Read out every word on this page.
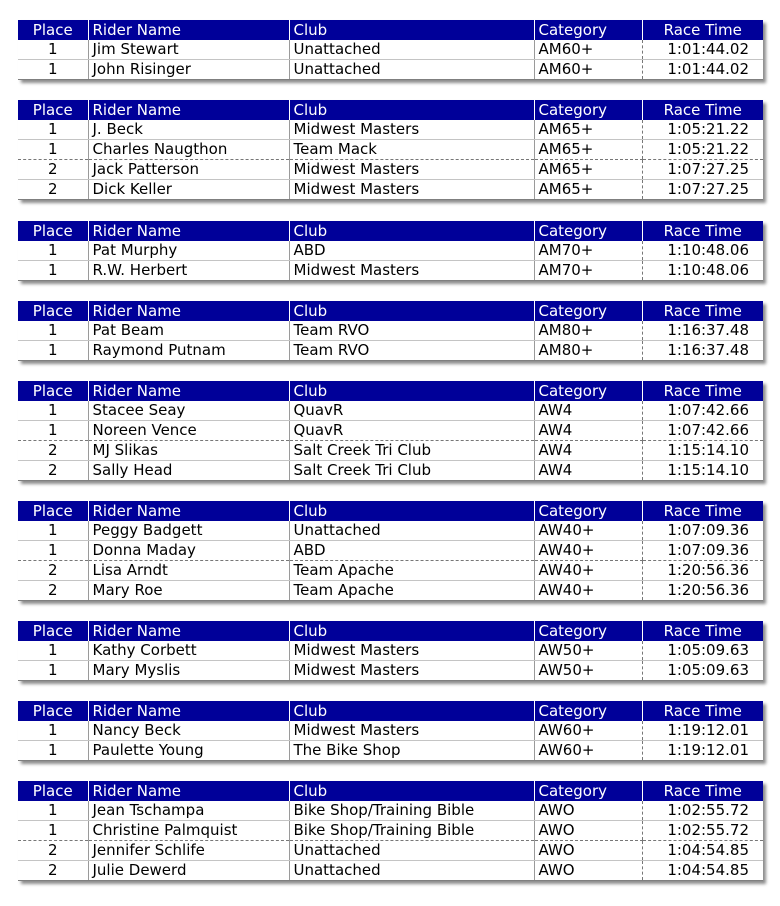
Place	Rider Name	Club	Category	Race Time
1	Jim Stewart	Unattached	AM60+	1:01:44.02
1	John Risinger	Unattached	AM60+	1:01:44.02
Place	Rider Name	Club	Category	Race Time
1	J. Beck	Midwest Masters	AM65+	1:05:21.22
1	Charles Naugthon	Team Mack	AM65+	1:05:21.22
2	Jack Patterson	Midwest Masters	AM65+	1:07:27.25
2	Dick Keller	Midwest Masters	AM65+	1:07:27.25
Place	Rider Name	Club	Category	Race Time
1	Pat Murphy	ABD	AM70+	1:10:48.06
1	R.W. Herbert	Midwest Masters	AM70+	1:10:48.06
Place	Rider Name	Club	Category	Race Time
1	Pat Beam	Team RVO	AM80+	1:16:37.48
1	Raymond Putnam	Team RVO	AM80+	1:16:37.48
Place	Rider Name	Club	Category	Race Time
1	Stacee Seay	QuavR	AW4	1:07:42.66
1	Noreen Vence	QuavR	AW4	1:07:42.66
2	MJ Slikas	Salt Creek Tri Club	AW4	1:15:14.10
2	Sally Head	Salt Creek Tri Club	AW4	1:15:14.10
Place	Rider Name	Club	Category	Race Time
1	Peggy Badgett	Unattached	AW40+	1:07:09.36
1	Donna Maday	ABD	AW40+	1:07:09.36
2	Lisa Arndt	Team Apache	AW40+	1:20:56.36
2	Mary Roe	Team Apache	AW40+	1:20:56.36
Place	Rider Name	Club	Category	Race Time
1	Kathy Corbett	Midwest Masters	AW50+	1:05:09.63
1	Mary Myslis	Midwest Masters	AW50+	1:05:09.63
Place	Rider Name	Club	Category	Race Time
1	Nancy Beck	Midwest Masters	AW60+	1:19:12.01
1	Paulette Young	The Bike Shop	AW60+	1:19:12.01
Place	Rider Name	Club	Category	Race Time
1	Jean Tschampa	Bike Shop/Training Bible	AWO	1:02:55.72
1	Christine Palmquist	Bike Shop/Training Bible	AWO	1:02:55.72
2	Jennifer Schlife	Unattached	AWO	1:04:54.85
2	Julie Dewerd	Unattached	AWO	1:04:54.85
